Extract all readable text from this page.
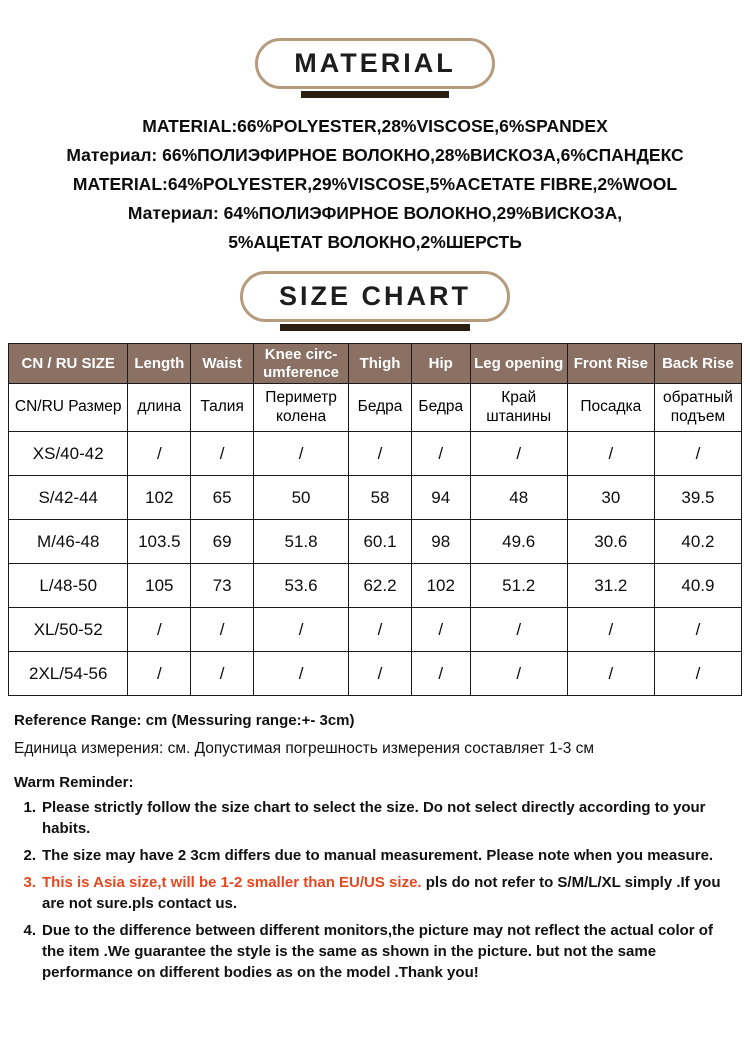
MATERIAL

MATERIAL:66%POLYESTER,28%VISCOSE,6%SPANDEX

Материал: 66%ПОЛИЭФИРНОЕ ВОЛОКНО,28%ВИСКОЗА,6%СПАНДЕКС

MATERIAL:64%POLYESTER,29%VISCOSE,5%ACETATE FIBRE,2%WOOL

Материал: 64%ПОЛИЭФИРНОЕ ВОЛОКНО,29%ВИСКОЗА,

5%АЦЕТАТ ВОЛОКНО,2%ШЕРСТЬ

SIZE CHART
CN / RU SIZE	Length	Waist	Knee circ-umference	Thigh	Hip	Leg opening	Front Rise	Back Rise
CN/RU Размер	длина	Талия	Периметр колена	Бедра	Бедра	Край штанины	Посадка	обратный подъем
XS/40-42	/	/	/	/	/	/	/	/
S/42-44	102	65	50	58	94	48	30	39.5
M/46-48	103.5	69	51.8	60.1	98	49.6	30.6	40.2
L/48-50	105	73	53.6	62.2	102	51.2	31.2	40.9
XL/50-52	/	/	/	/	/	/	/	/
2XL/54-56	/	/	/	/	/	/	/	/
Reference Range: cm (Messuring range:+- 3cm)
Единица измерения: см. Допустимая погрешность измерения составляет 1-3 см
Warm Reminder:
1. Please strictly follow the size chart to select the size. Do not select directly according to your habits.
2. The size may have 2 3cm differs due to manual measurement. Please note when you measure.
3. This is Asia size,t will be 1-2 smaller than EU/US size. pls do not refer to S/M/L/XL simply .If you are not sure.pls contact us.
4. Due to the difference between different monitors,the picture may not reflect the actual color of the item .We guarantee the style is the same as shown in the picture. but not the same performance on different bodies as on the model .Thank you!
